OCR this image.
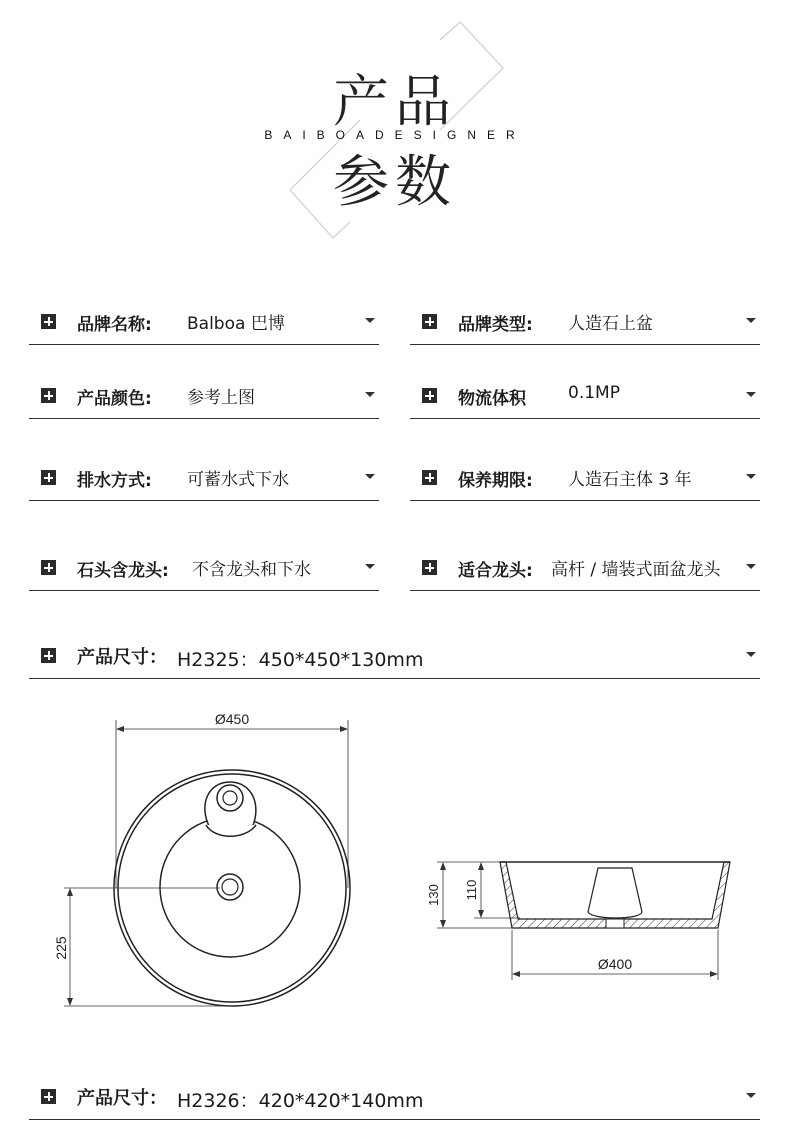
产品
BAIBOADESIGNER
参数
品牌名称: Balboa 巴博	品牌类型: 人造石上盆
产品颜色: 参考上图	物流体积 0.1MP
排水方式: 可蓄水式下水	保养期限: 人造石主体 3 年
石头含龙头: 不含龙头和下水	适合龙头: 高杆 / 墙装式面盆龙头
产品尺寸： H2325：450*450*130mm
Ø450
225
130 110
Ø400
产品尺寸： H2326：420*420*140mm
